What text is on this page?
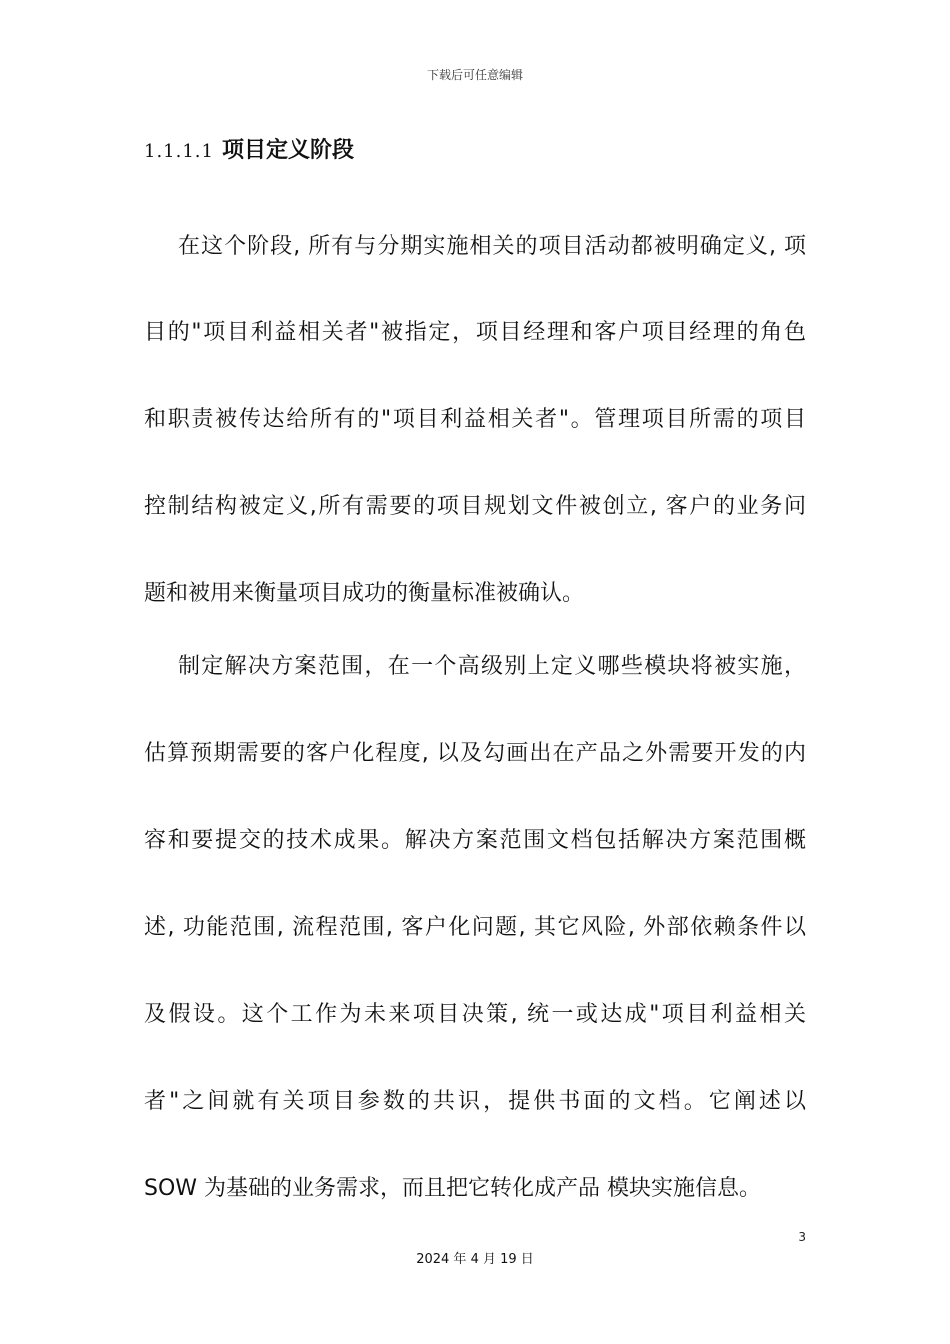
下载后可任意编辑
1.1.1.1 项目定义阶段
在这个阶段, 所有与分期实施相关的项目活动都被明确定义, 项
目的"项目利益相关者"被指定，项目经理和客户项目经理的角色
和职责被传达给所有的"项目利益相关者"。管理项目所需的项目
控制结构被定义,所有需要的项目规划文件被创立, 客户的业务问
题和被用来衡量项目成功的衡量标准被确认。
制定解决方案范围，在一个高级别上定义哪些模块将被实施，
估算预期需要的客户化程度, 以及勾画出在产品之外需要开发的内
容和要提交的技术成果。解决方案范围文档包括解决方案范围概
述, 功能范围, 流程范围, 客户化问题, 其它风险, 外部依赖条件以
及假设。这个工作为未来项目决策, 统一或达成"项目利益相关
者"之间就有关项目参数的共识，提供书面的文档。它阐述以
SOW 为基础的业务需求，而且把它转化成产品 模块实施信息。
3
2024 年 4 月 19 日
